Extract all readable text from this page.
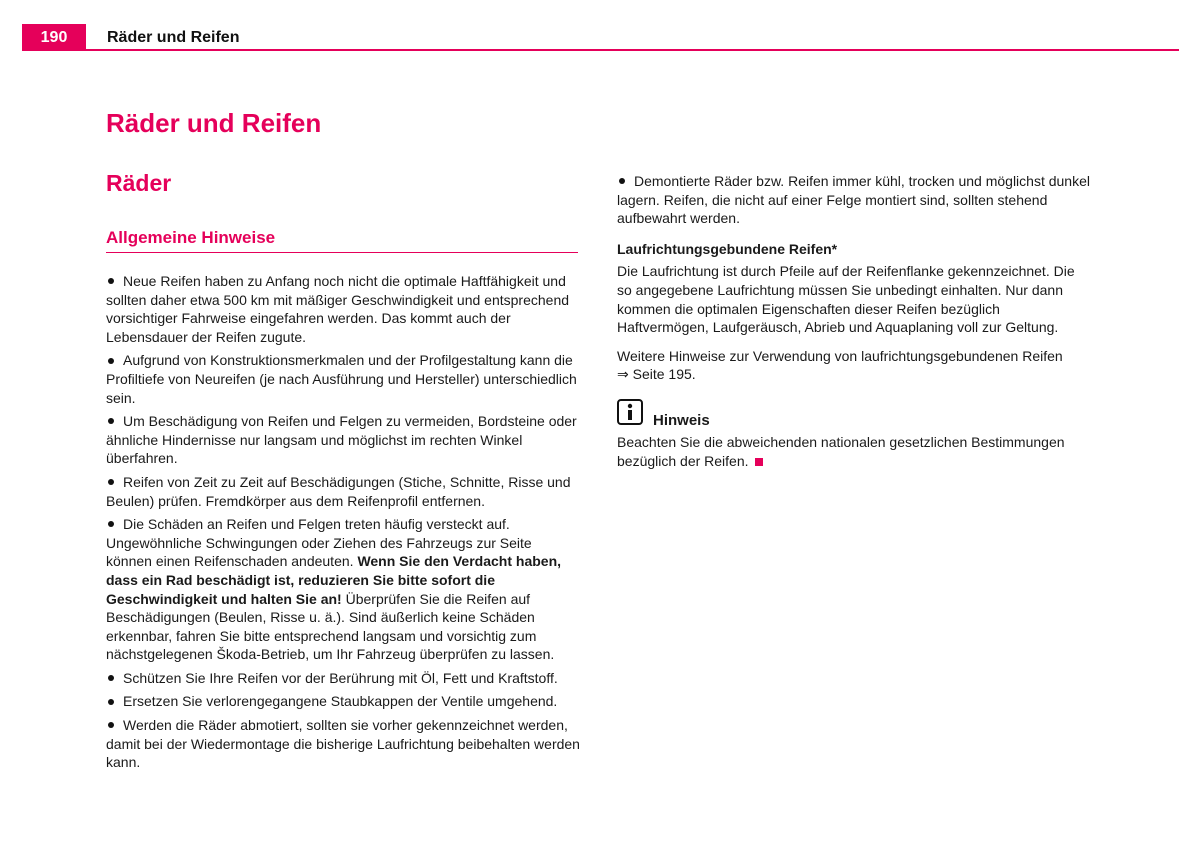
190	Räder und Reifen
Räder und Reifen
Räder
Allgemeine Hinweise

Neue Reifen haben zu Anfang noch nicht die optimale Haftfähigkeit und sollten daher etwa 500 km mit mäßiger Geschwindigkeit und entsprechend vorsichtiger Fahrweise eingefahren werden. Das kommt auch der Lebensdauer der Reifen zugute.

Aufgrund von Konstruktionsmerkmalen und der Profilgestaltung kann die Profiltiefe von Neureifen (je nach Ausführung und Hersteller) unterschiedlich sein.

Um Beschädigung von Reifen und Felgen zu vermeiden, Bordsteine oder ähnliche Hindernisse nur langsam und möglichst im rechten Winkel überfahren.

Reifen von Zeit zu Zeit auf Beschädigungen (Stiche, Schnitte, Risse und Beulen) prüfen. Fremdkörper aus dem Reifenprofil entfernen.

Die Schäden an Reifen und Felgen treten häufig versteckt auf. Ungewöhnliche Schwingungen oder Ziehen des Fahrzeugs zur Seite können einen Reifenschaden andeuten. Wenn Sie den Verdacht haben, dass ein Rad beschädigt ist, reduzieren Sie bitte sofort die Geschwindigkeit und halten Sie an! Überprüfen Sie die Reifen auf Beschädigungen (Beulen, Risse u. ä.). Sind äußerlich keine Schäden erkennbar, fahren Sie bitte entsprechend langsam und vorsichtig zum nächstgelegenen Škoda-Betrieb, um Ihr Fahrzeug überprüfen zu lassen.

Schützen Sie Ihre Reifen vor der Berührung mit Öl, Fett und Kraftstoff.

Ersetzen Sie verlorengegangene Staubkappen der Ventile umgehend.

Werden die Räder abmotiert, sollten sie vorher gekennzeichnet werden, damit bei der Wiedermontage die bisherige Laufrichtung beibehalten werden kann.

Demontierte Räder bzw. Reifen immer kühl, trocken und möglichst dunkel lagern. Reifen, die nicht auf einer Felge montiert sind, sollten stehend aufbewahrt werden.

Laufrichtungsgebundene Reifen*

Die Laufrichtung ist durch Pfeile auf der Reifenflanke gekennzeichnet. Die so angegebene Laufrichtung müssen Sie unbedingt einhalten. Nur dann kommen die optimalen Eigenschaften dieser Reifen bezüglich Haftvermögen, Laufgeräusch, Abrieb und Aquaplaning voll zur Geltung.

Weitere Hinweise zur Verwendung von laufrichtungsgebundenen Reifen
⇒ Seite 195.

Hinweis

Beachten Sie die abweichenden nationalen gesetzlichen Bestimmungen bezüglich der Reifen.
